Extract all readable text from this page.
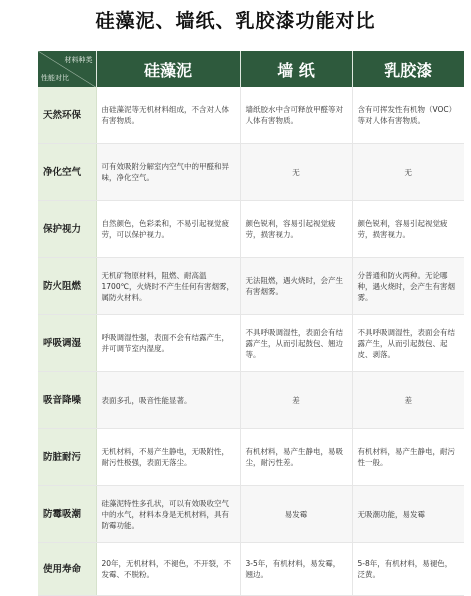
硅藻泥、墙纸、乳胶漆功能对比
材料种类
性能对比	硅藻泥	墙 纸	乳胶漆
天然环保	由硅藻泥等无机材料组成，不含对人体有害物质。	墙纸胶水中含可释放甲醛等对人体有害物质。	含有可挥发性有机物（VOC）等对人体有害物质。
净化空气	可有效吸附分解室内空气中的甲醛和异味，净化空气。	无	无
保护视力	自然颜色，色彩柔和，不易引起视觉疲劳，可以保护视力。	颜色锐利，容易引起视觉疲劳，损害视力。	颜色锐利，容易引起视觉疲劳，损害视力。
防火阻燃	无机矿物原材料，阻燃、耐高温1700℃，火烧时不产生任何有害烟雾，属防火材料。	无法阻燃，遇火烧时，会产生有害烟雾。	分普通和防火两种。无论哪种，遇火烧时，会产生有害烟雾。
呼吸调湿	呼吸调湿性强，表面不会有结露产生，并可调节室内湿度。	不具呼吸调湿性，表面会有结露产生，从而引起鼓包、翘边等。	不具呼吸调湿性，表面会有结露产生，从而引起鼓包、起皮、剥落。
吸音降噪	表面多孔，吸音性能显著。	差	差
防脏耐污	无机材料，不易产生静电，无吸附性，耐污性极强，表面无落尘。	有机材料，易产生静电，易吸尘，耐污性差。	有机材料，易产生静电，耐污性一般。
防霉吸潮	硅藻泥特性多孔状，可以有效吸收空气中的水气，材料本身是无机材料，具有防霉功能。	易发霉	无吸潮功能，易发霉
使用寿命	20年，无机材料，不褪色，不开裂，不发霉、不脱粉。	3-5年，有机材料，易发霉，翘边。	5-8年，有机材料，易褪色，泛黄。
